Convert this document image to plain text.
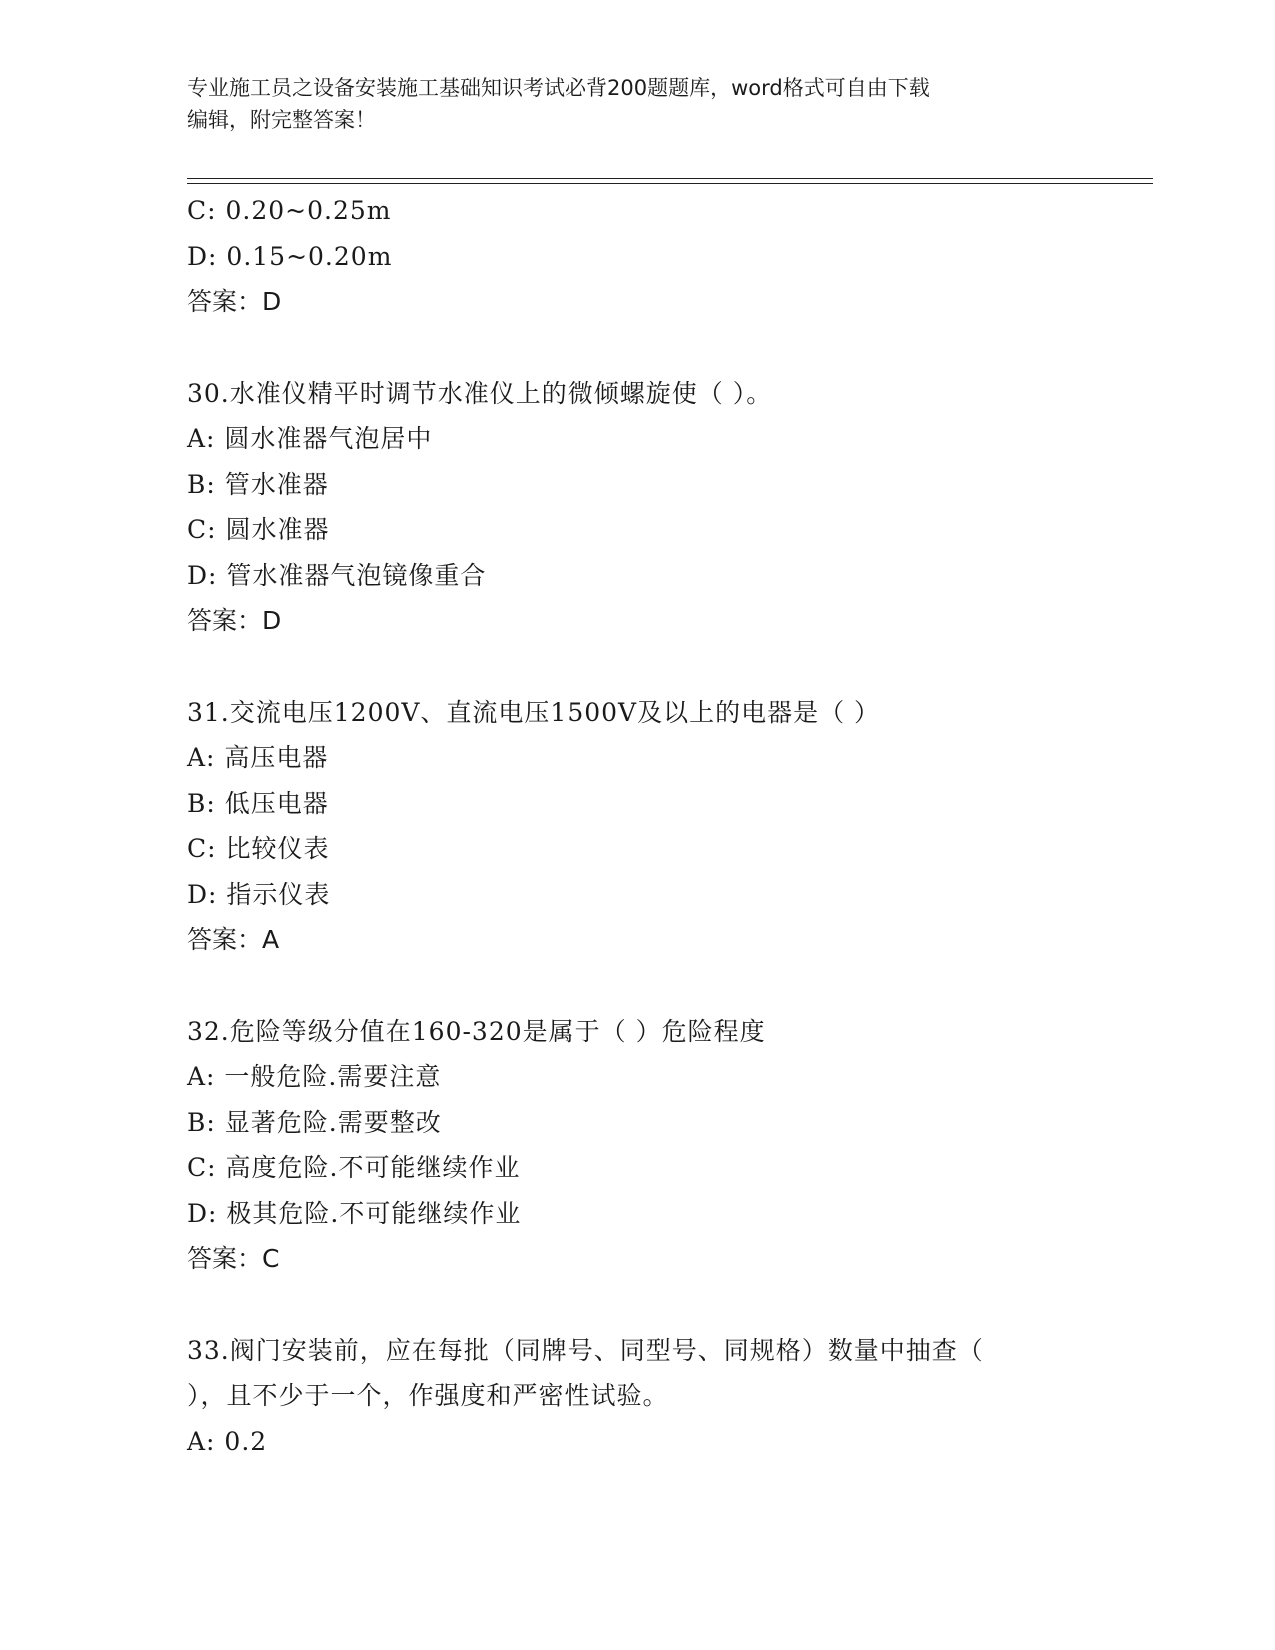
专业施工员之设备安装施工基础知识考试必背200题题库，word格式可自由下载
编辑，附完整答案！
C: 0.20~0.25m
D: 0.15~0.20m
答案：D
30.水准仪精平时调节水准仪上的微倾螺旋使（ ）。
A: 圆水准器气泡居中
B: 管水准器
C: 圆水准器
D: 管水准器气泡镜像重合
答案：D
31.交流电压1200V、直流电压1500V及以上的电器是（ ）
A: 高压电器
B: 低压电器
C: 比较仪表
D: 指示仪表
答案：A
32.危险等级分值在160-320是属于（ ）危险程度
A: 一般危险.需要注意
B: 显著危险.需要整改
C: 高度危险.不可能继续作业
D: 极其危险.不可能继续作业
答案：C
33.阀门安装前，应在每批（同牌号、同型号、同规格）数量中抽查（
），且不少于一个，作强度和严密性试验。
A: 0.2
